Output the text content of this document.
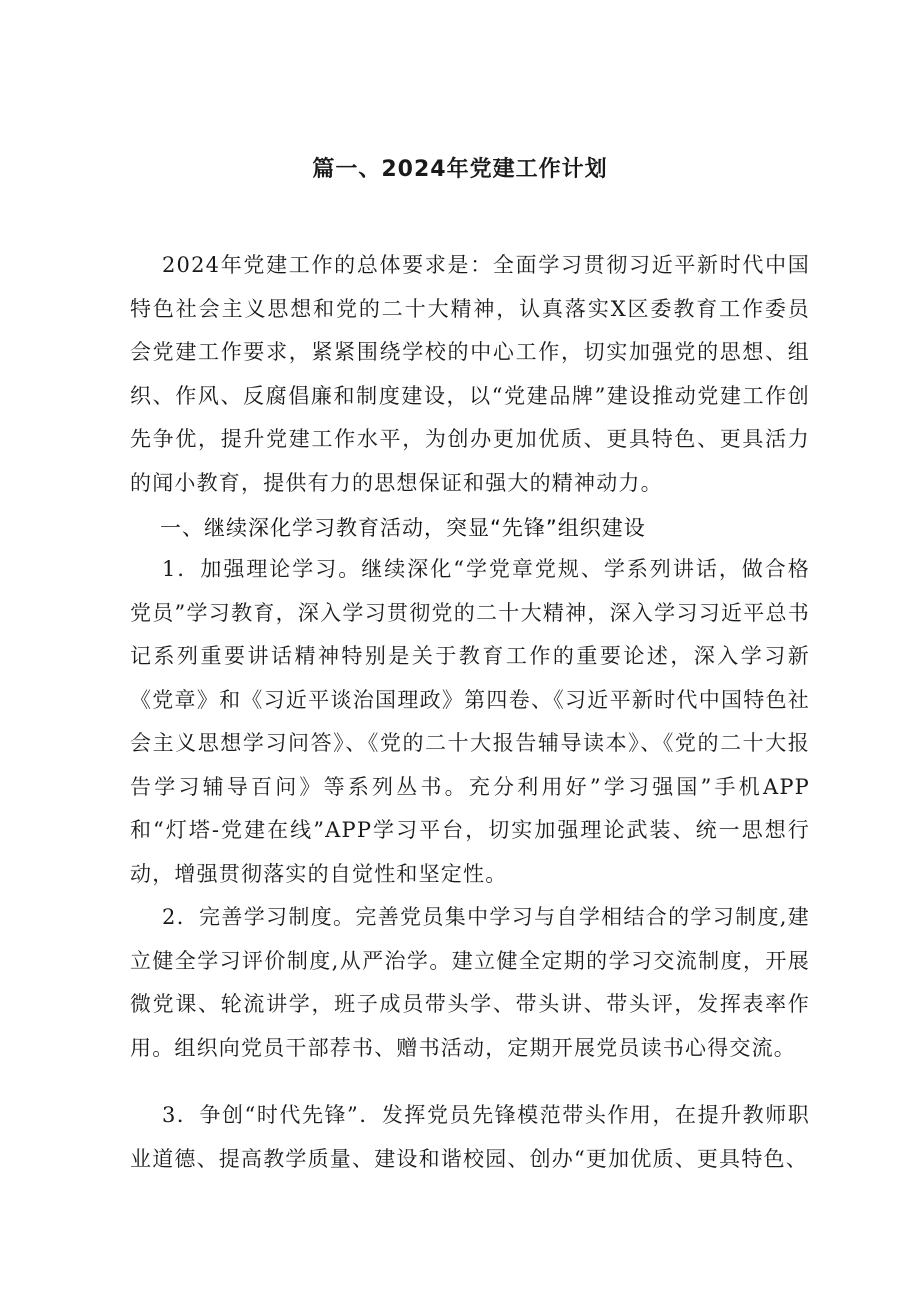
篇一、2024年党建工作计划
2024年党建工作的总体要求是：全面学习贯彻习近平新时代中国特色社会主义思想和党的二十大精神，认真落实X区委教育工作委员会党建工作要求，紧紧围绕学校的中心工作，切实加强党的思想、组织、作风、反腐倡廉和制度建设，以“党建品牌”建设推动党建工作创先争优，提升党建工作水平，为创办更加优质、更具特色、更具活力的闻小教育，提供有力的思想保证和强大的精神动力。
一、继续深化学习教育活动，突显“先锋”组织建设
1．加强理论学习。继续深化“学党章党规、学系列讲话，做合格党员”学习教育，深入学习贯彻党的二十大精神，深入学习习近平总书记系列重要讲话精神特别是关于教育工作的重要论述，深入学习新《党章》和《习近平谈治国理政》第四卷、《习近平新时代中国特色社会主义思想学习问答》、《党的二十大报告辅导读本》、《党的二十大报告学习辅导百问》等系列丛书。充分利用好”学习强国”手机APP和“灯塔-党建在线”APP学习平台，切实加强理论武装、统一思想行动，增强贯彻落实的自觉性和坚定性。
2．完善学习制度。完善党员集中学习与自学相结合的学习制度,建立健全学习评价制度,从严治学。建立健全定期的学习交流制度，开展微党课、轮流讲学，班子成员带头学、带头讲、带头评，发挥表率作用。组织向党员干部荐书、赠书活动，定期开展党员读书心得交流。
3．争创“时代先锋”．发挥党员先锋模范带头作用，在提升教师职业道德、提高教学质量、建设和谐校园、创办“更加优质、更具特色、
